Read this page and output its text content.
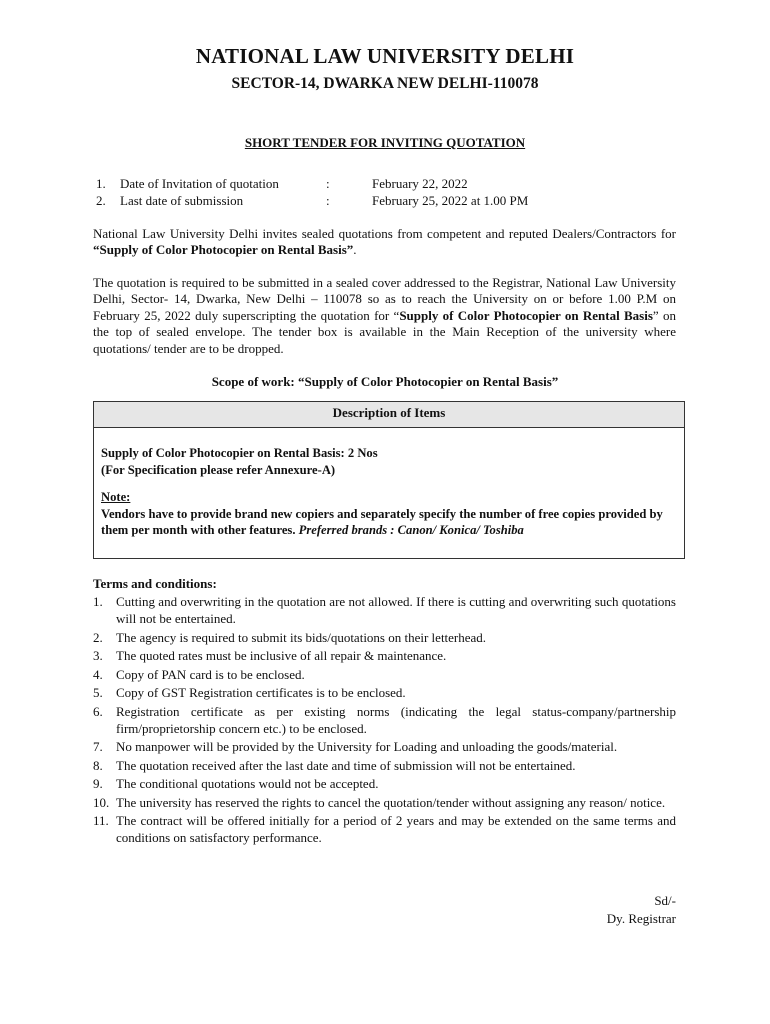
NATIONAL LAW UNIVERSITY DELHI
SECTOR-14, DWARKA NEW DELHI-110078
SHORT TENDER FOR INVITING QUOTATION
1.	Date of Invitation of quotation	:	February 22, 2022
2.	Last date of submission	:	February 25, 2022 at 1.00 PM
National Law University Delhi invites sealed quotations from competent and reputed Dealers/Contractors for “Supply of Color Photocopier on Rental Basis”.
The quotation is required to be submitted in a sealed cover addressed to the Registrar, National Law University Delhi, Sector- 14, Dwarka, New Delhi – 110078 so as to reach the University on or before 1.00 P.M on February 25, 2022 duly superscripting the quotation for “Supply of Color Photocopier on Rental Basis” on the top of sealed envelope. The tender box is available in the Main Reception of the university where quotations/ tender are to be dropped.
Scope of work: “Supply of Color Photocopier on Rental Basis”
Description of Items
Supply of Color Photocopier on Rental Basis: 2 Nos
(For Specification please refer Annexure-A)
Note:
Vendors have to provide brand new copiers and separately specify the number of free copies provided by them per month with other features. Preferred brands : Canon/ Konica/ Toshiba
Terms and conditions:
1.	Cutting and overwriting in the quotation are not allowed. If there is cutting and overwriting such quotations will not be entertained.
2.	The agency is required to submit its bids/quotations on their letterhead.
3.	The quoted rates must be inclusive of all repair & maintenance.
4.	Copy of PAN card is to be enclosed.
5.	Copy of GST Registration certificates is to be enclosed.
6.	Registration certificate as per existing norms (indicating the legal status-company/partnership firm/proprietorship concern etc.) to be enclosed.
7.	No manpower will be provided by the University for Loading and unloading the goods/material.
8.	The quotation received after the last date and time of submission will not be entertained.
9.	The conditional quotations would not be accepted.
10. The university has reserved the rights to cancel the quotation/tender without assigning any reason/ notice.
11. The contract will be offered initially for a period of 2 years and may be extended on the same terms and conditions on satisfactory performance.
Sd/-
Dy. Registrar
